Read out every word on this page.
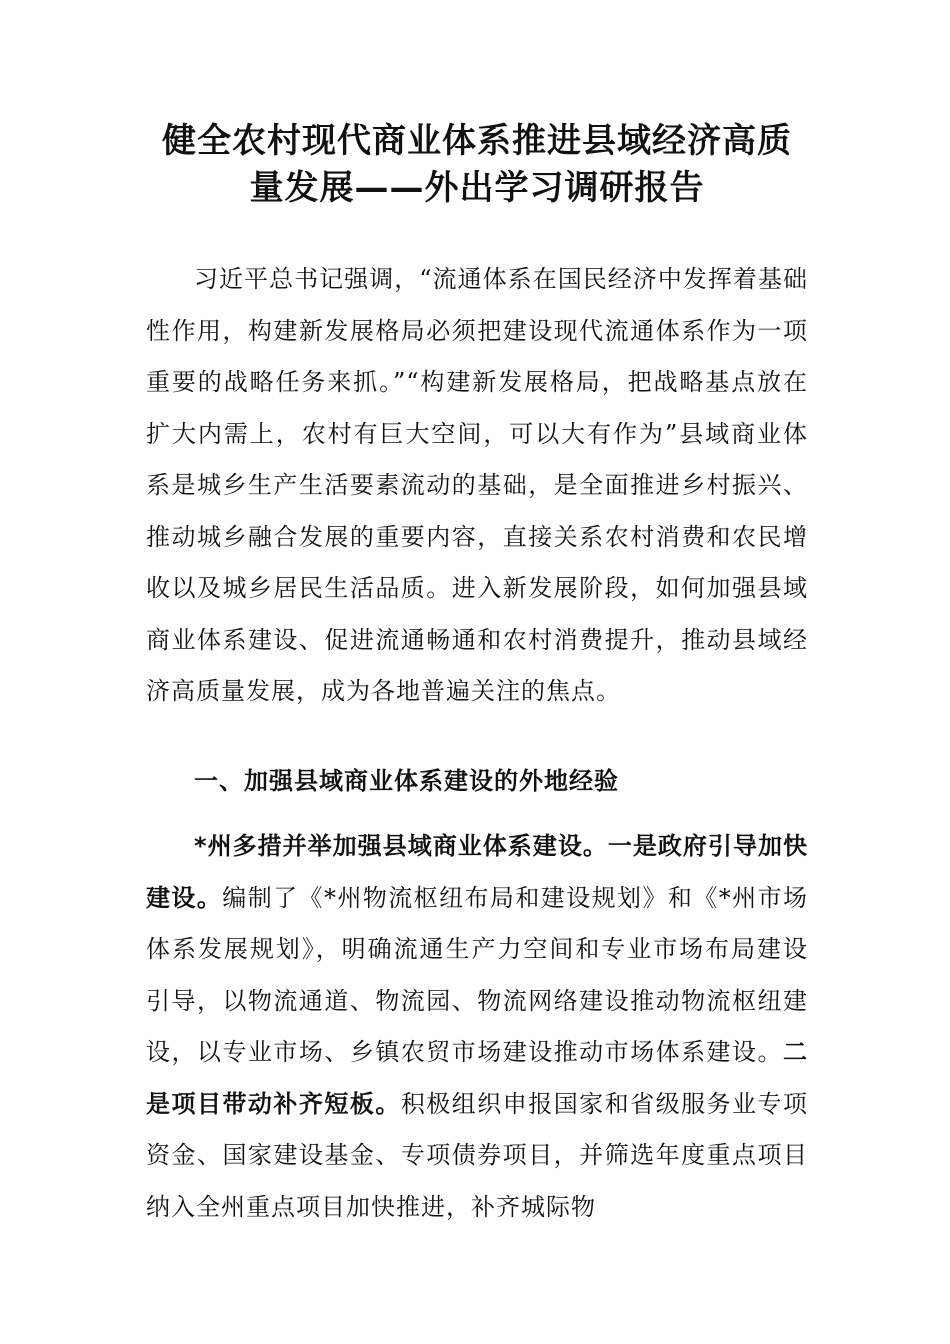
健全农村现代商业体系推进县域经济高质
量发展——外出学习调研报告

习近平总书记强调，“流通体系在国民经济中发挥着基础性作用，构建新发展格局必须把建设现代流通体系作为一项重要的战略任务来抓。”“构建新发展格局，把战略基点放在扩大内需上，农村有巨大空间，可以大有作为”县域商业体系是城乡生产生活要素流动的基础，是全面推进乡村振兴、推动城乡融合发展的重要内容，直接关系农村消费和农民增收以及城乡居民生活品质。进入新发展阶段，如何加强县域商业体系建设、促进流通畅通和农村消费提升，推动县域经济高质量发展，成为各地普遍关注的焦点。

一、加强县域商业体系建设的外地经验

*州多措并举加强县域商业体系建设。一是政府引导加快建设。编制了《*州物流枢纽布局和建设规划》和《*州市场体系发展规划》，明确流通生产力空间和专业市场布局建设引导，以物流通道、物流园、物流网络建设推动物流枢纽建设，以专业市场、乡镇农贸市场建设推动市场体系建设。二是项目带动补齐短板。积极组织申报国家和省级服务业专项资金、国家建设基金、专项债券项目，并筛选年度重点项目纳入全州重点项目加快推进，补齐城际物
